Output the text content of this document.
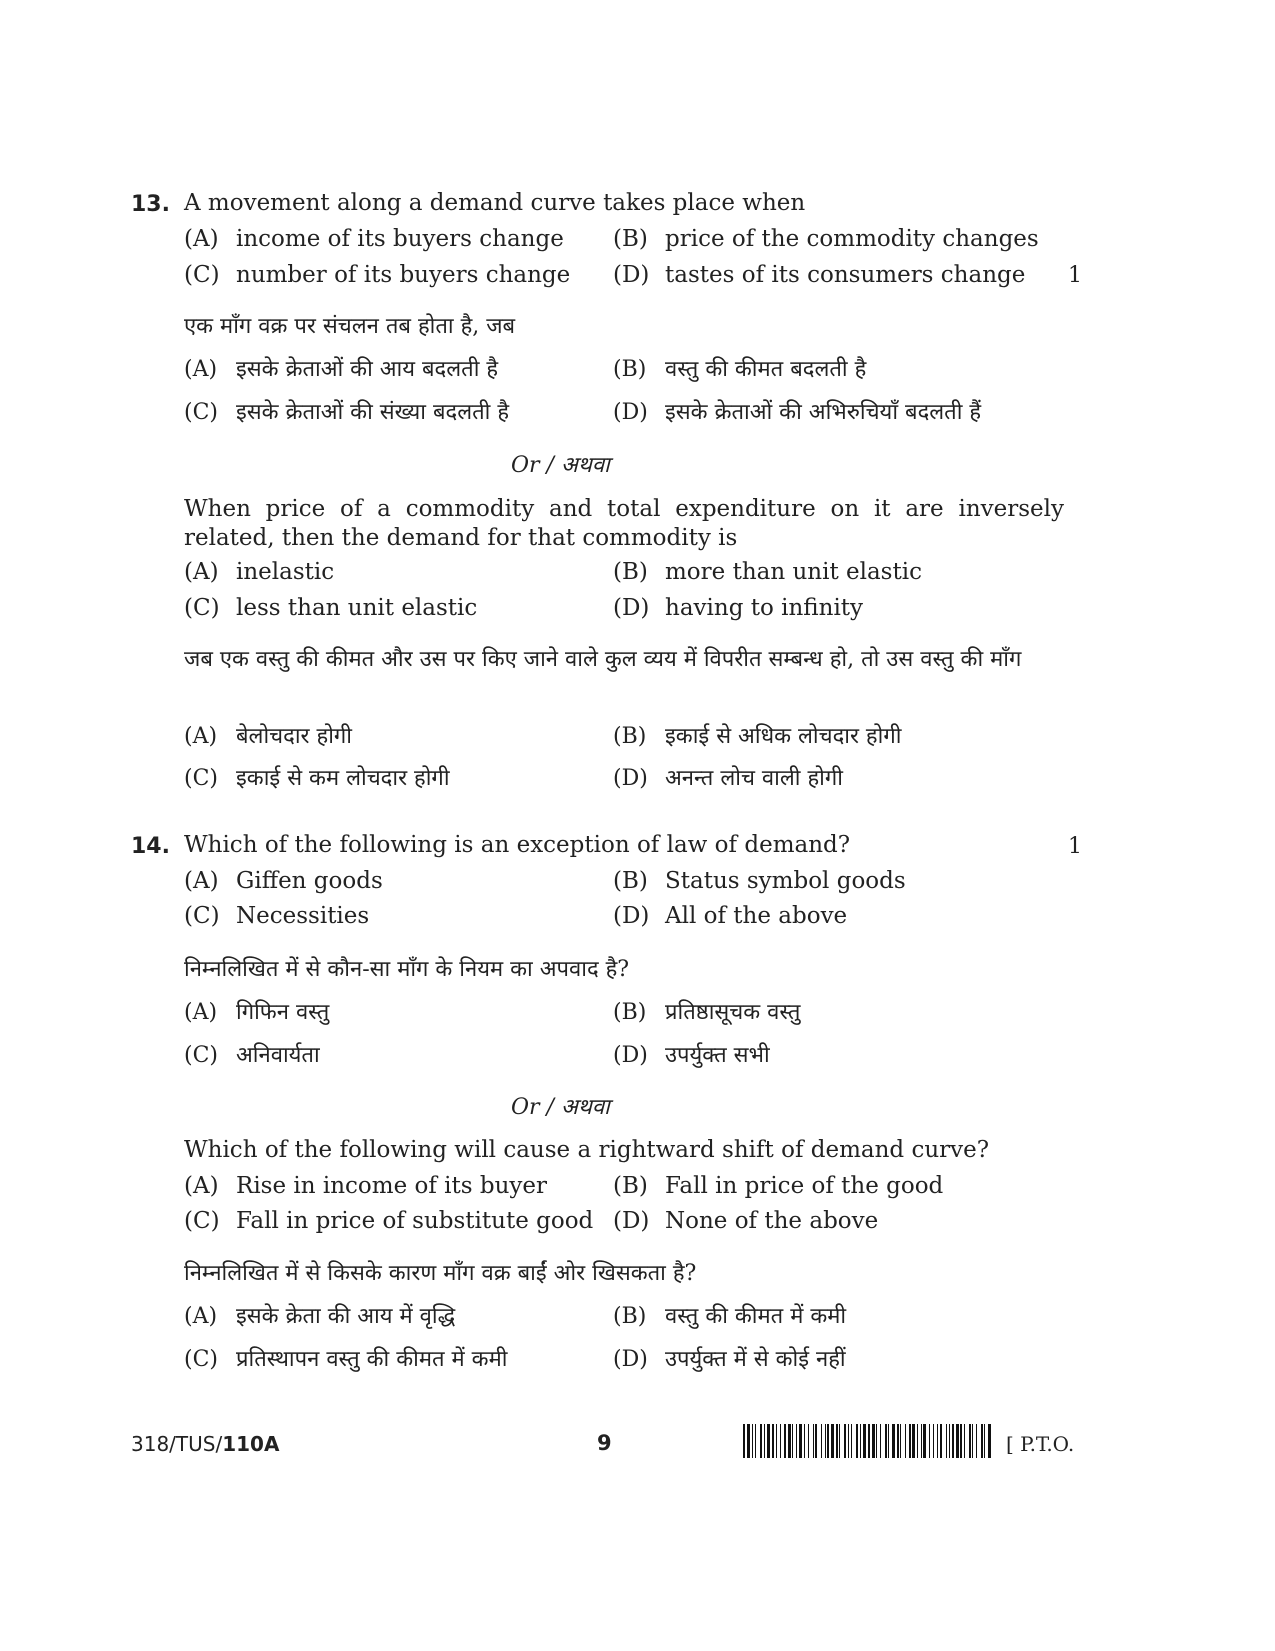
13. A movement along a demand curve takes place when
(A) income of its buyers change (B) price of the commodity changes
(C) number of its buyers change (D) tastes of its consumers change 1
एक माँग वक्र पर संचलन तब होता है, जब
(A) इसके क्रेताओं की आय बदलती है	(B) वस्तु की कीमत बदलती है
(C) इसके क्रेताओं की संख्या बदलती है	(D) इसके क्रेताओं की अभिरुचियाँ बदलती हैं
Or / अथवा
When price of a commodity and total expenditure on it are inversely related, then the demand for that commodity is
(A) inelastic	(B) more than unit elastic
(C) less than unit elastic	(D) having to infinity
जब एक वस्तु की कीमत और उस पर किए जाने वाले कुल व्यय में विपरीत सम्बन्ध हो, तो उस वस्तु की माँग
(A) बेलोचदार होगी	(B) इकाई से अधिक लोचदार होगी
(C) इकाई से कम लोचदार होगी	(D) अनन्त लोच वाली होगी
14. Which of the following is an exception of law of demand?	1
(A) Giffen goods	(B) Status symbol goods
(C) Necessities	(D) All of the above
निम्नलिखित में से कौन-सा माँग के नियम का अपवाद है?
(A) गिफिन वस्तु	(B) प्रतिष्ठासूचक वस्तु
(C) अनिवार्यता	(D) उपर्युक्त सभी
Or / अथवा
Which of the following will cause a rightward shift of demand curve?
(A) Rise in income of its buyer	(B) Fall in price of the good
(C) Fall in price of substitute good (D) None of the above
निम्नलिखित में से किसके कारण माँग वक्र बाईं ओर खिसकता है?
(A) इसके क्रेता की आय में वृद्धि	(B) वस्तु की कीमत में कमी
(C) प्रतिस्थापन वस्तु की कीमत में कमी	(D) उपर्युक्त में से कोई नहीं
318/TUS/110A	9	[ P.T.O.
